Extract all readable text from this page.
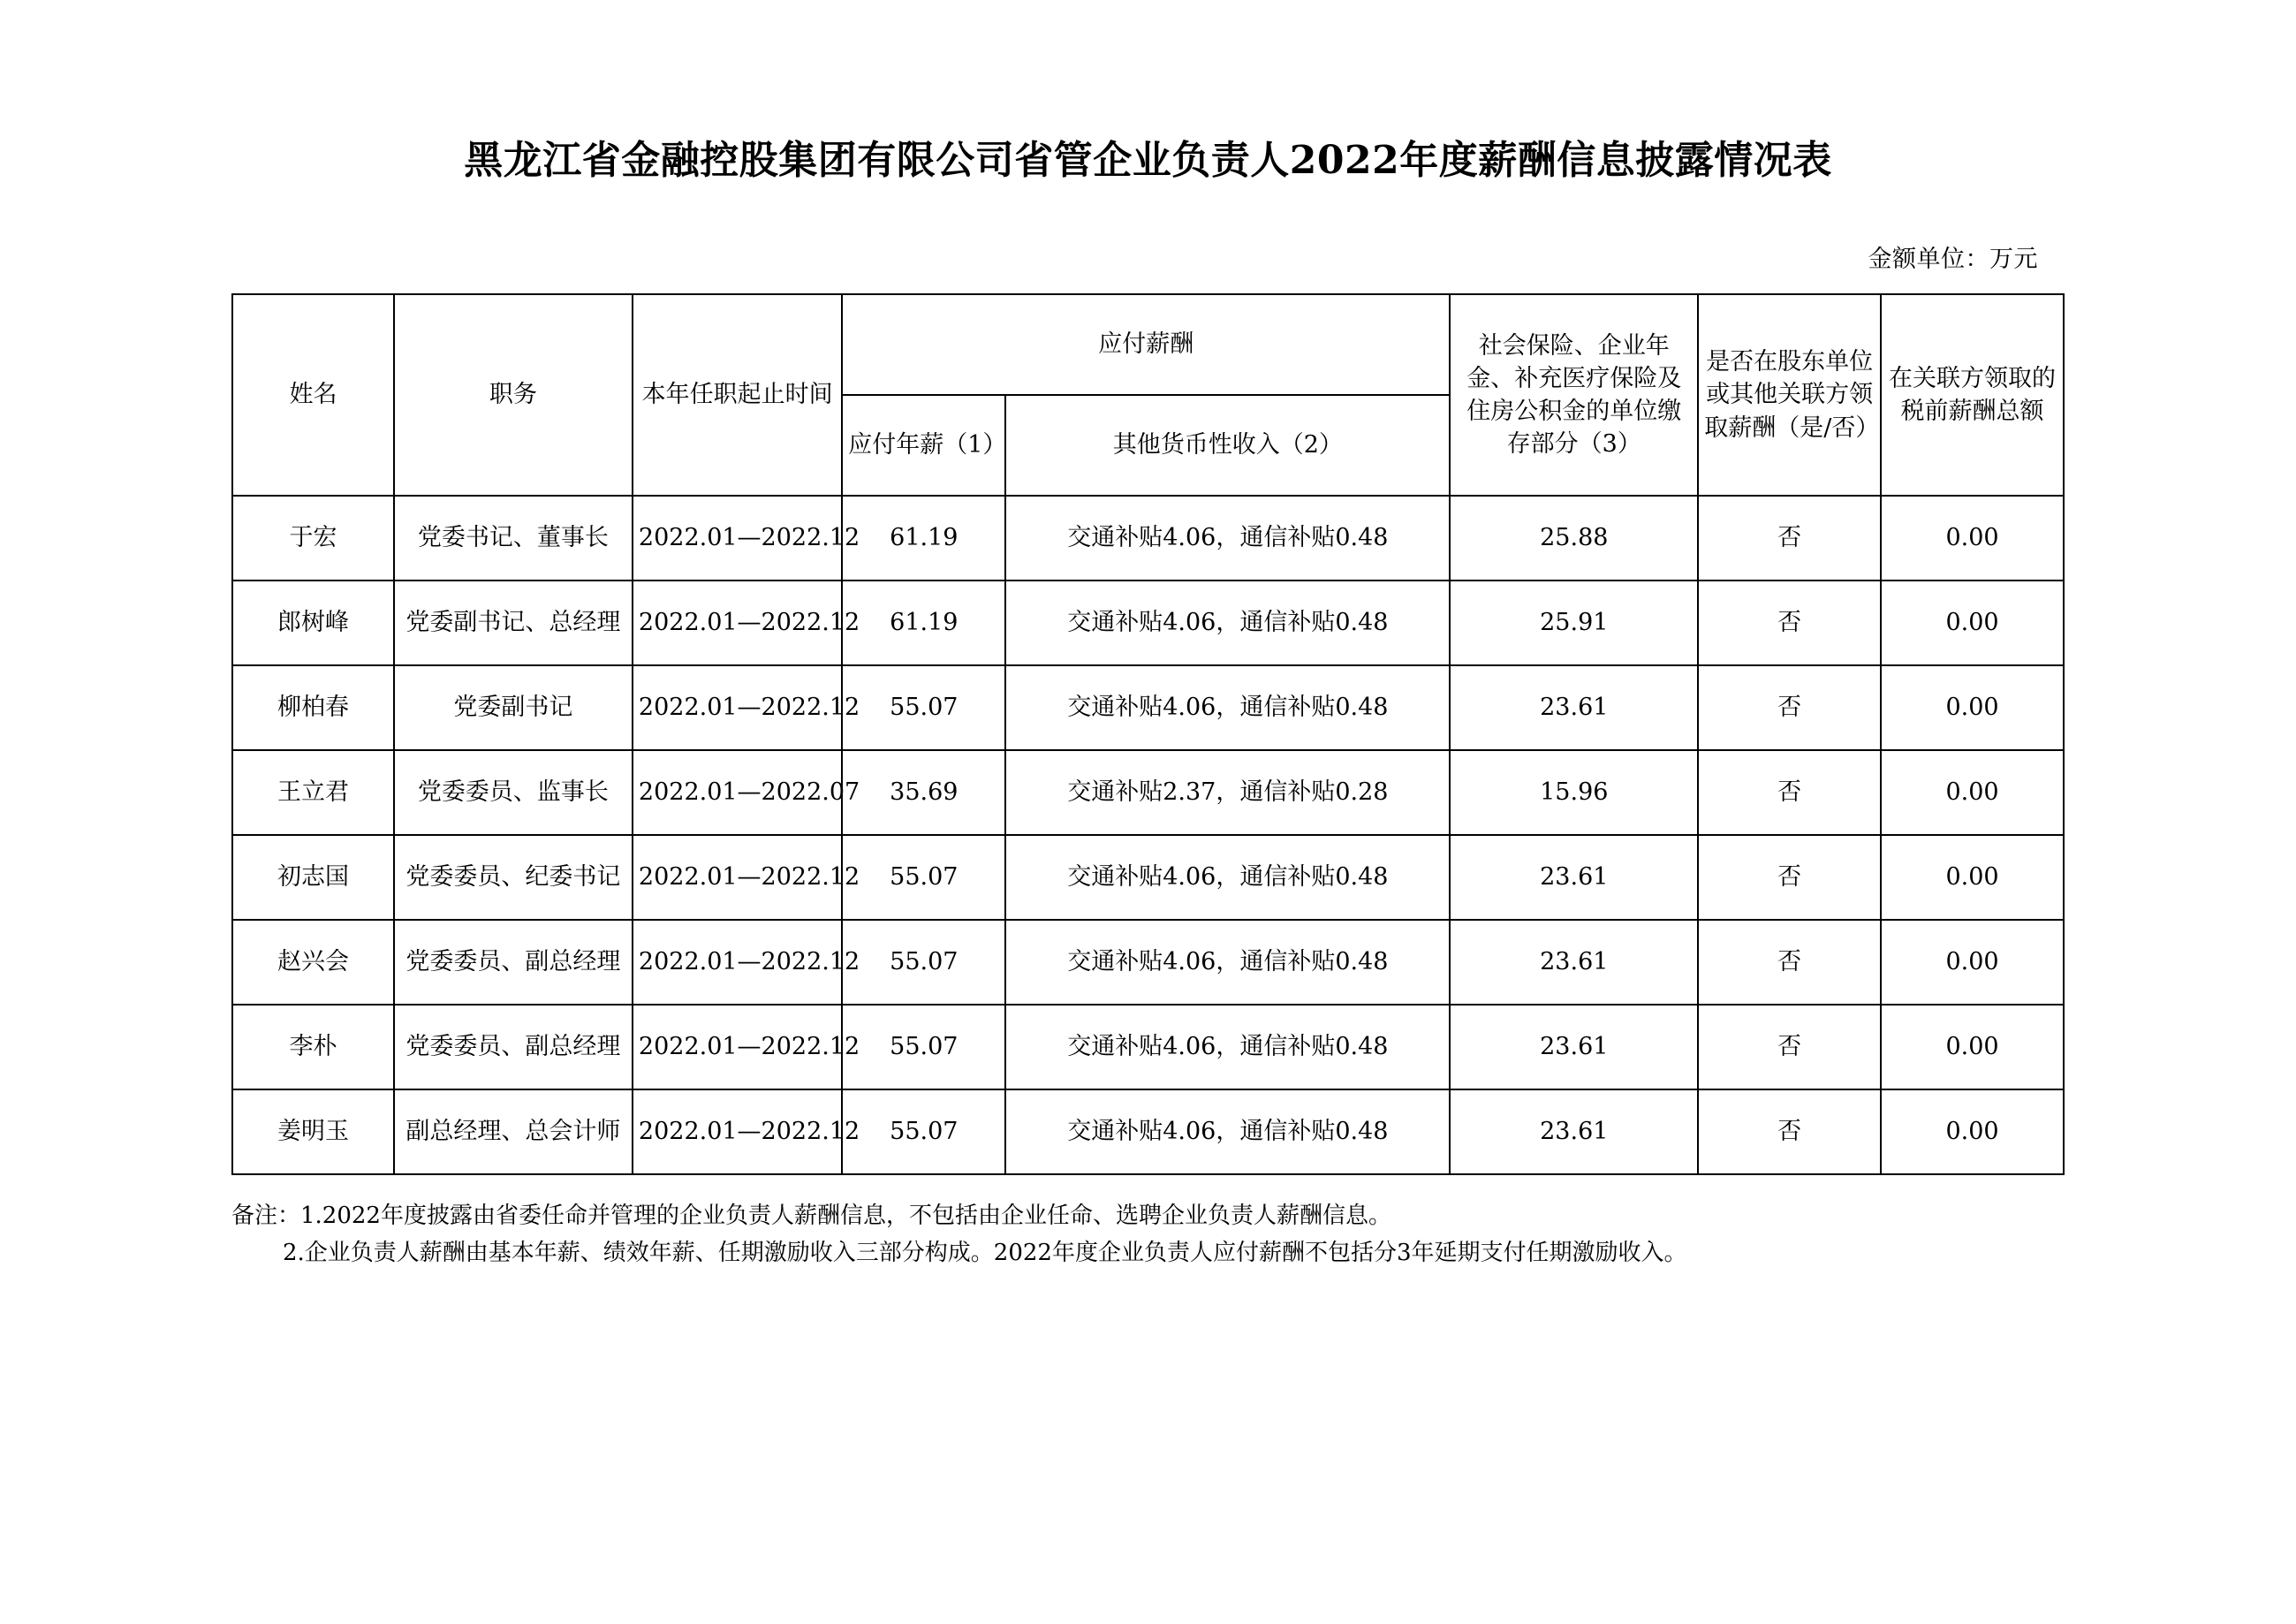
黑龙江省金融控股集团有限公司省管企业负责人2022年度薪酬信息披露情况表

金额单位：万元

姓名	职务	本年任职起止时间	应付薪酬		社会保险、企业年金、补充医疗保险及住房公积金的单位缴存部分（3）	是否在股东单位或其他关联方领取薪酬（是/否）	在关联方领取的税前薪酬总额
			应付年薪（1）	其他货币性收入（2）			
于宏	党委书记、董事长	2022.01—2022.12	61.19	交通补贴4.06，通信补贴0.48	25.88	否	0.00
郎树峰	党委副书记、总经理	2022.01—2022.12	61.19	交通补贴4.06，通信补贴0.48	25.91	否	0.00
柳柏春	党委副书记	2022.01—2022.12	55.07	交通补贴4.06，通信补贴0.48	23.61	否	0.00
王立君	党委委员、监事长	2022.01—2022.07	35.69	交通补贴2.37，通信补贴0.28	15.96	否	0.00
初志国	党委委员、纪委书记	2022.01—2022.12	55.07	交通补贴4.06，通信补贴0.48	23.61	否	0.00
赵兴会	党委委员、副总经理	2022.01—2022.12	55.07	交通补贴4.06，通信补贴0.48	23.61	否	0.00
李朴	党委委员、副总经理	2022.01—2022.12	55.07	交通补贴4.06，通信补贴0.48	23.61	否	0.00
姜明玉	副总经理、总会计师	2022.01—2022.12	55.07	交通补贴4.06，通信补贴0.48	23.61	否	0.00
备注：1.2022年度披露由省委任命并管理的企业负责人薪酬信息，不包括由企业任命、选聘企业负责人薪酬信息。
2.企业负责人薪酬由基本年薪、绩效年薪、任期激励收入三部分构成。2022年度企业负责人应付薪酬不包括分3年延期支付任期激励收入。
